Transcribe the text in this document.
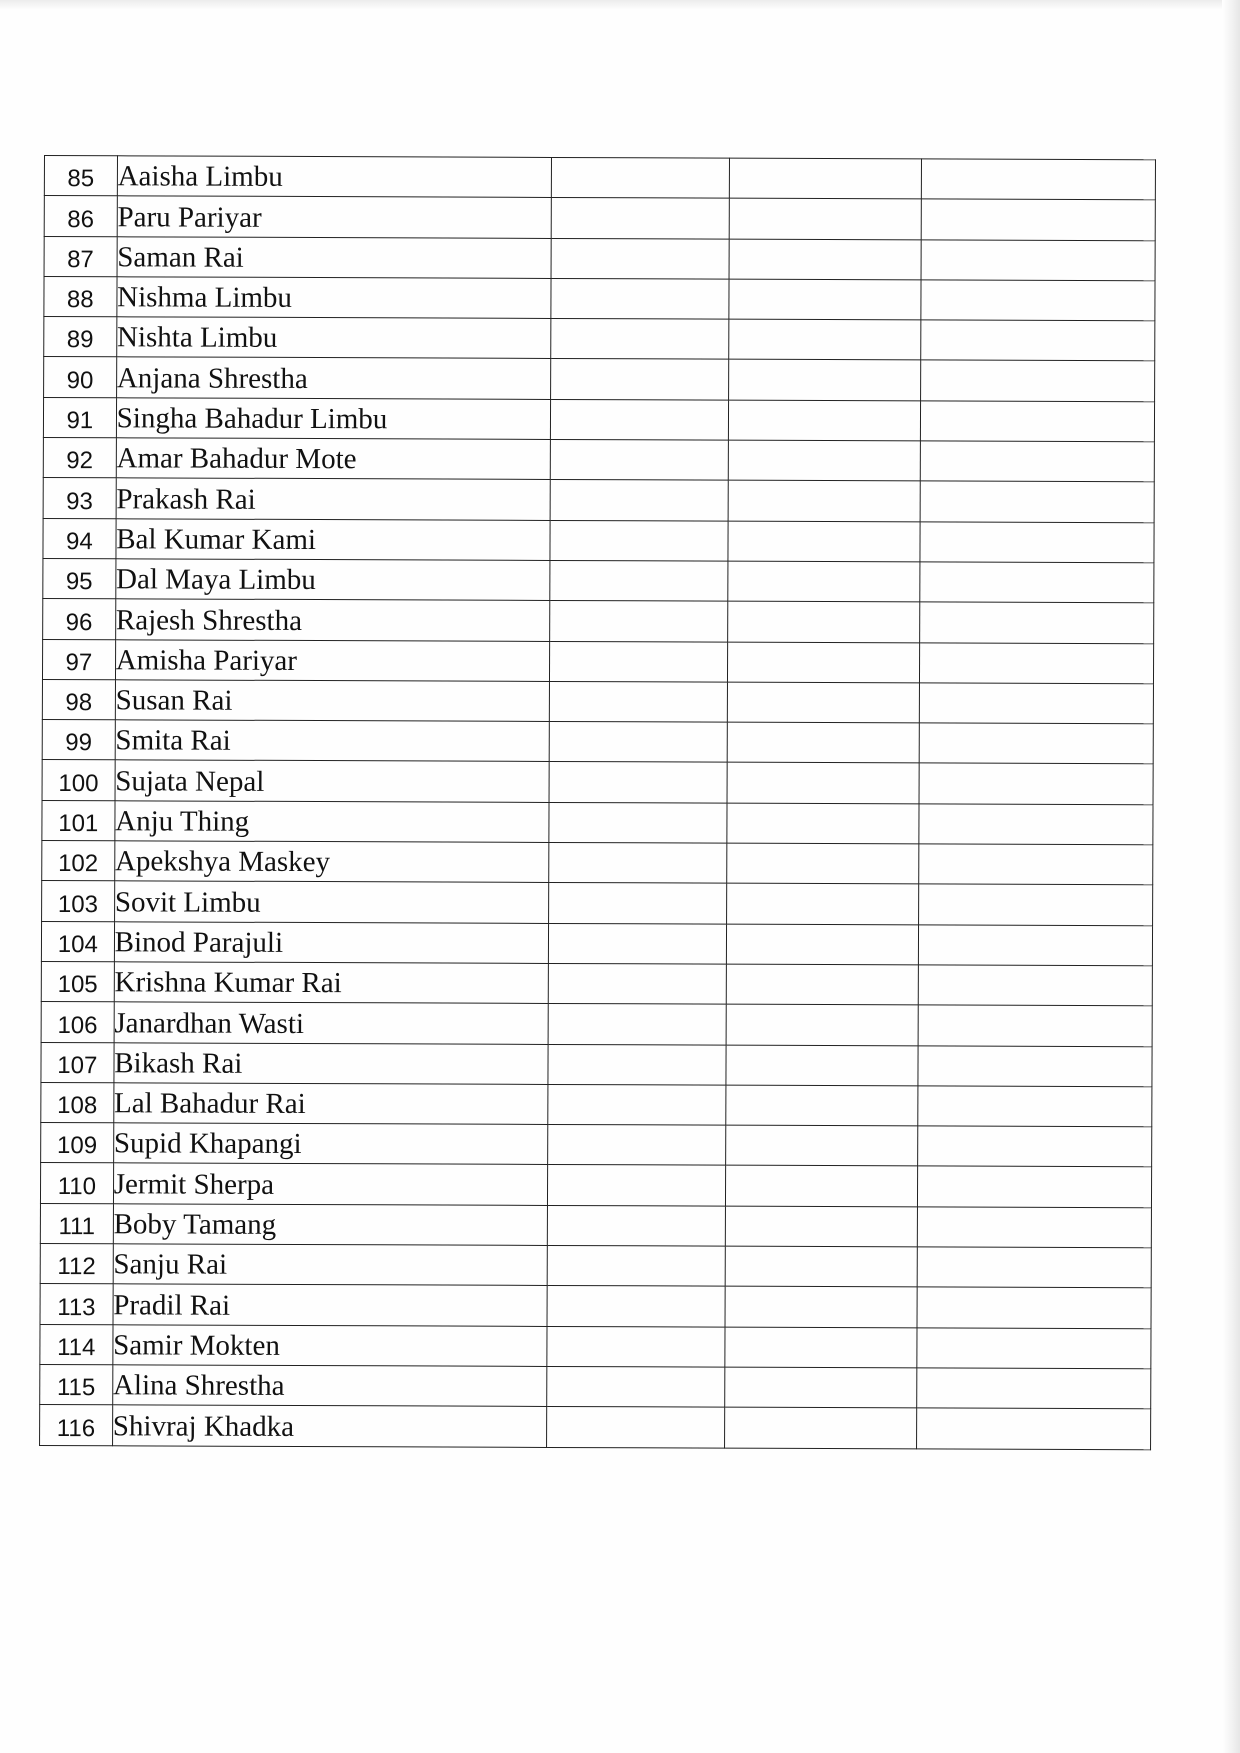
85	Aaisha Limbu			
86	Paru Pariyar			
87	Saman Rai			
88	Nishma Limbu			
89	Nishta Limbu			
90	Anjana Shrestha			
91	Singha Bahadur Limbu			
92	Amar Bahadur Mote			
93	Prakash Rai			
94	Bal Kumar Kami			
95	Dal Maya Limbu			
96	Rajesh Shrestha			
97	Amisha Pariyar			
98	Susan Rai			
99	Smita Rai			
100	Sujata Nepal			
101	Anju Thing			
102	Apekshya Maskey			
103	Sovit Limbu			
104	Binod Parajuli			
105	Krishna Kumar Rai			
106	Janardhan Wasti			
107	Bikash Rai			
108	Lal Bahadur Rai			
109	Supid Khapangi			
110	Jermit Sherpa			
111	Boby Tamang			
112	Sanju Rai			
113	Pradil Rai			
114	Samir Mokten			
115	Alina Shrestha			
116	Shivraj Khadka			
